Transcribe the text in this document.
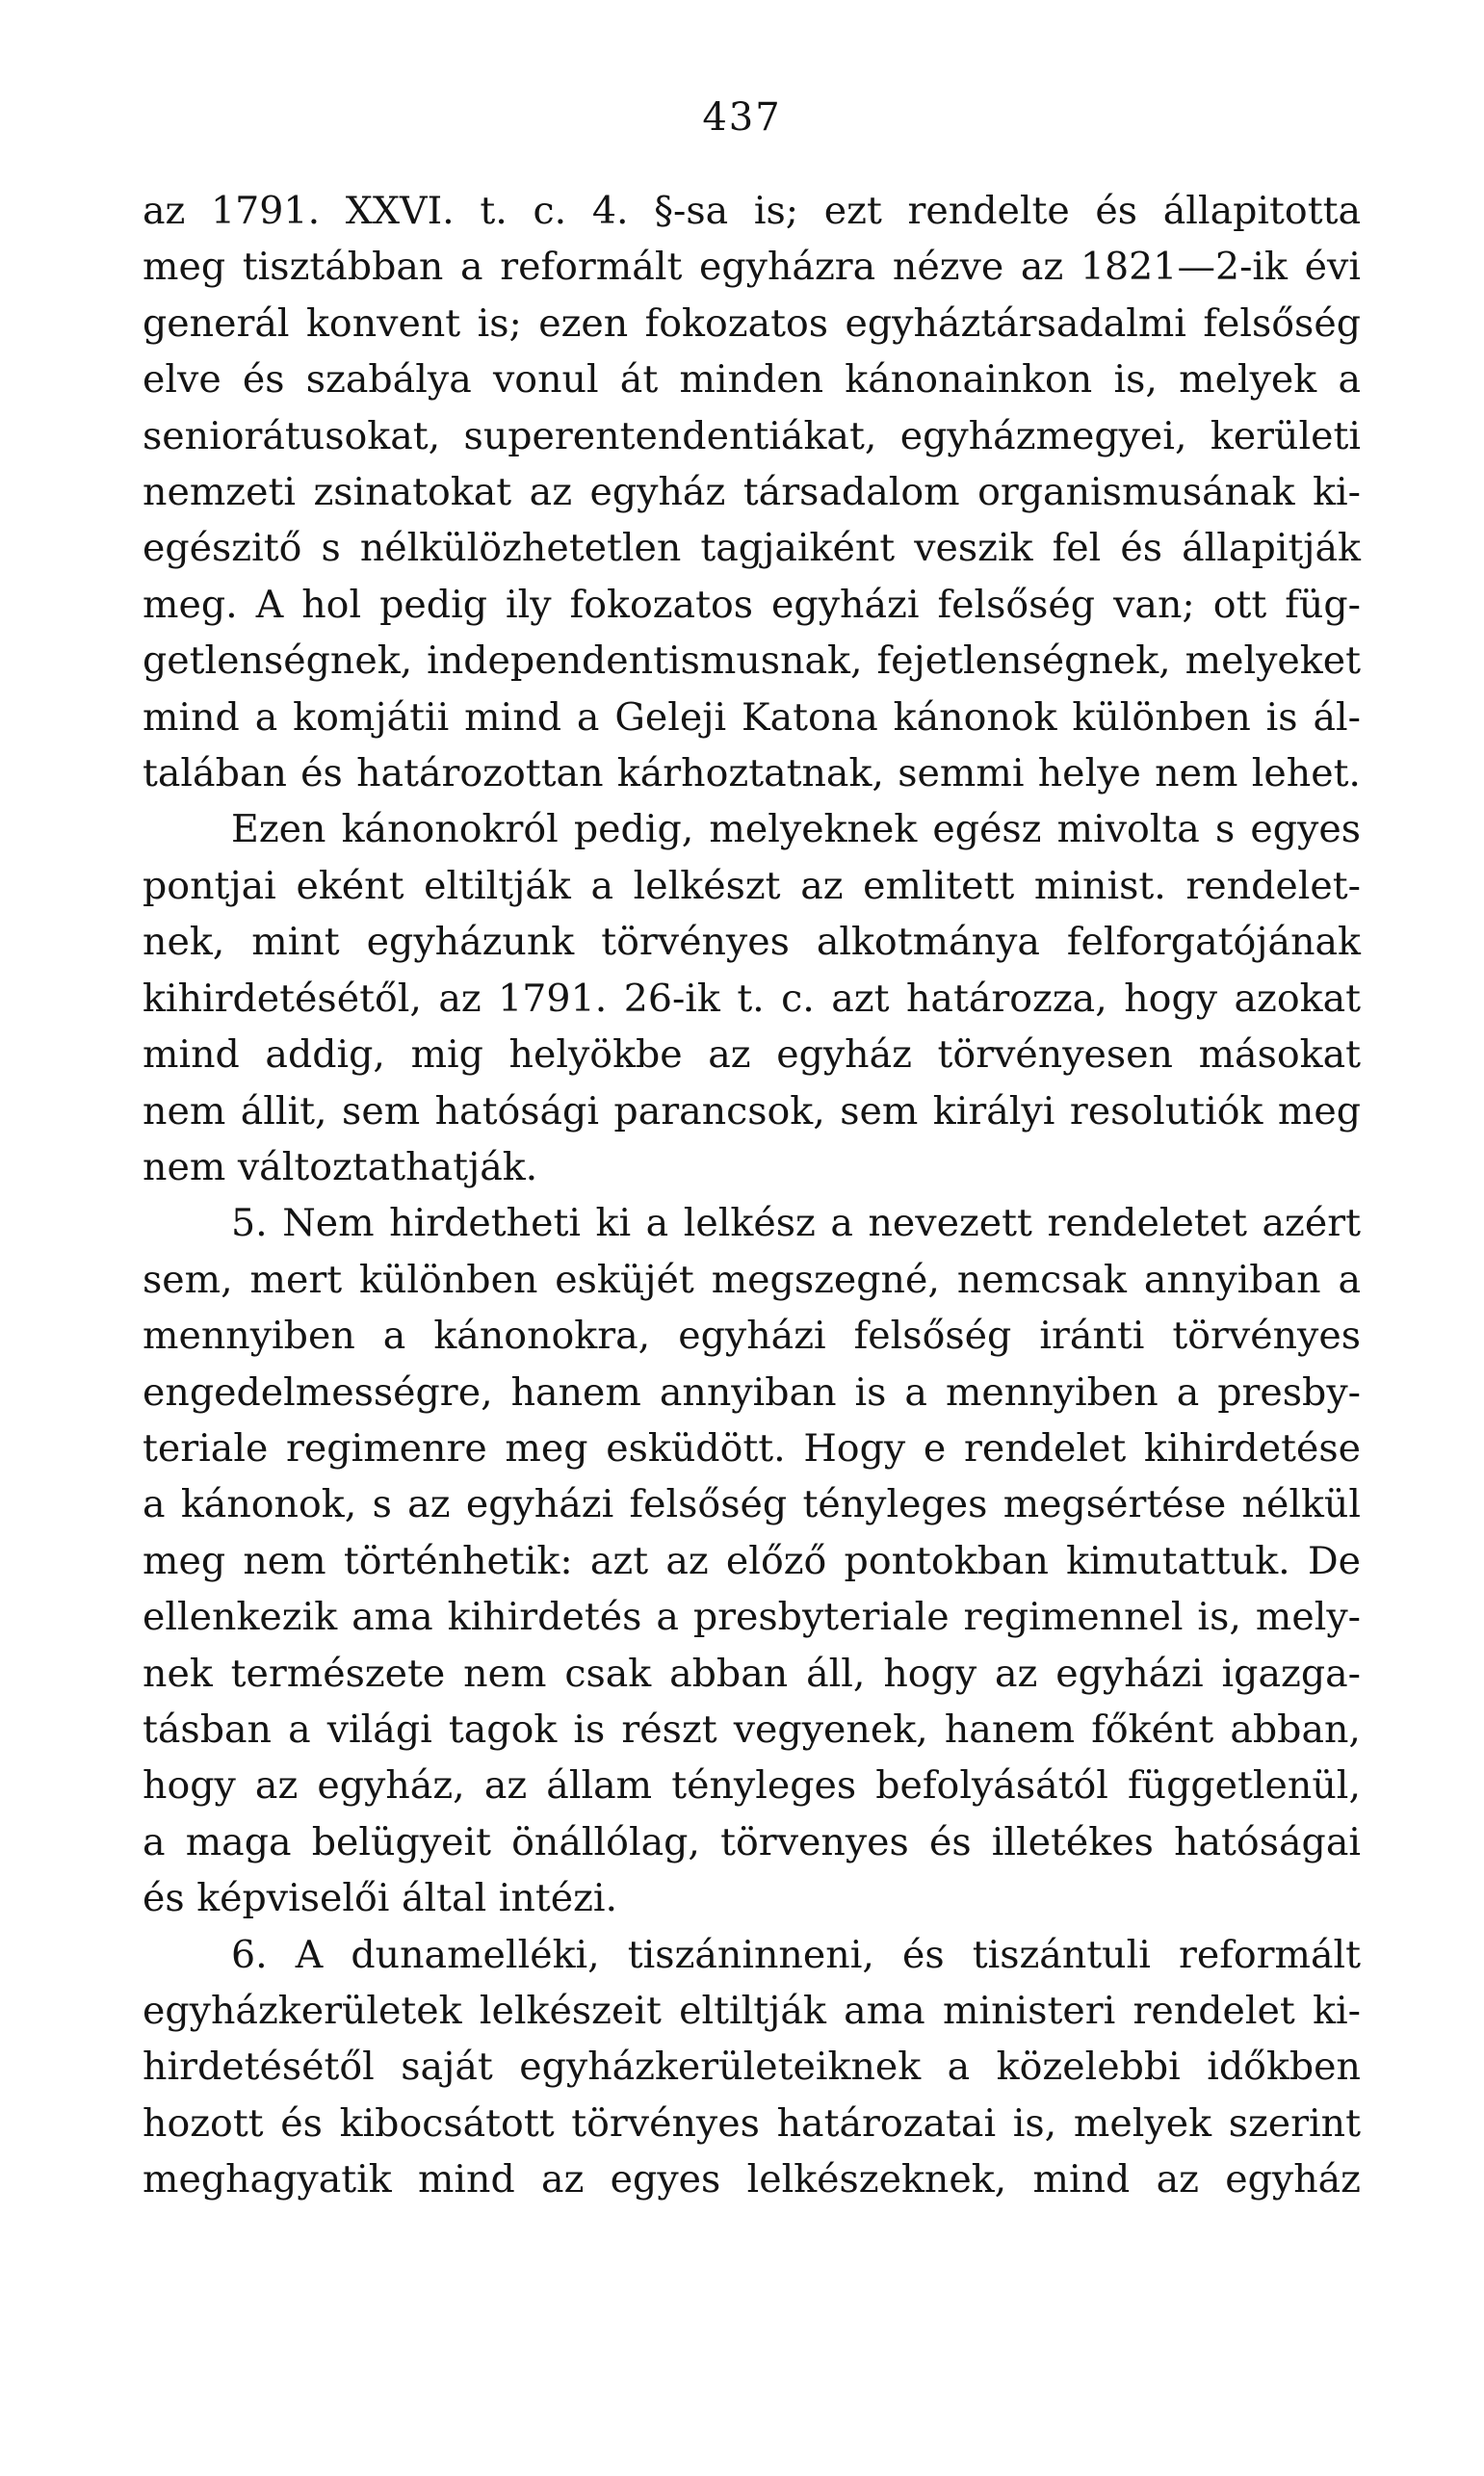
437

az 1791. XXVI. t. c. 4. §-sa is; ezt rendelte és állapitotta
meg tisztábban a reformált egyházra nézve az 1821—2-ik évi
generál konvent is; ezen fokozatos egyháztársadalmi felsőség
elve és szabálya vonul át minden kánonainkon is, melyek a
seniorátusokat, superentendentiákat, egyházmegyei, kerületi
nemzeti zsinatokat az egyház társadalom organismusának ki-
egészitő s nélkülözhetetlen tagjaiként veszik fel és állapitják
meg. A hol pedig ily fokozatos egyházi felsőség van; ott füg-
getlenségnek, independentismusnak, fejetlenségnek, melyeket
mind a komjátii mind a Geleji Katona kánonok különben is ál-
talában és határozottan kárhoztatnak, semmi helye nem lehet.

Ezen kánonokról pedig, melyeknek egész mivolta s egyes
pontjai eként eltiltják a lelkészt az emlitett minist. rendelet-
nek, mint egyházunk törvényes alkotmánya felforgatójának
kihirdetésétől, az 1791. 26-ik t. c. azt határozza, hogy azokat
mind addig, mig helyökbe az egyház törvényesen másokat
nem állit, sem hatósági parancsok, sem királyi resolutiók meg
nem változtathatják.

5. Nem hirdetheti ki a lelkész a nevezett rendeletet azért
sem, mert különben esküjét megszegné, nemcsak annyiban a
mennyiben a kánonokra, egyházi felsőség iránti törvényes
engedelmességre, hanem annyiban is a mennyiben a presby-
teriale regimenre meg esküdött. Hogy e rendelet kihirdetése
a kánonok, s az egyházi felsőség tényleges megsértése nélkül
meg nem történhetik: azt az előző pontokban kimutattuk. De
ellenkezik ama kihirdetés a presbyteriale regimennel is, mely-
nek természete nem csak abban áll, hogy az egyházi igazga-
tásban a világi tagok is részt vegyenek, hanem főként abban,
hogy az egyház, az állam tényleges befolyásától függetlenül,
a maga belügyeit önállólag, törvenyes és illetékes hatóságai
és képviselői által intézi.

6. A dunamelléki, tiszáninneni, és tiszántuli reformált
egyházkerületek lelkészeit eltiltják ama ministeri rendelet ki-
hirdetésétől saját egyházkerületeiknek a közelebbi időkben
hozott és kibocsátott törvényes határozatai is, melyek szerint
meghagyatik mind az egyes lelkészeknek, mind az egyház
